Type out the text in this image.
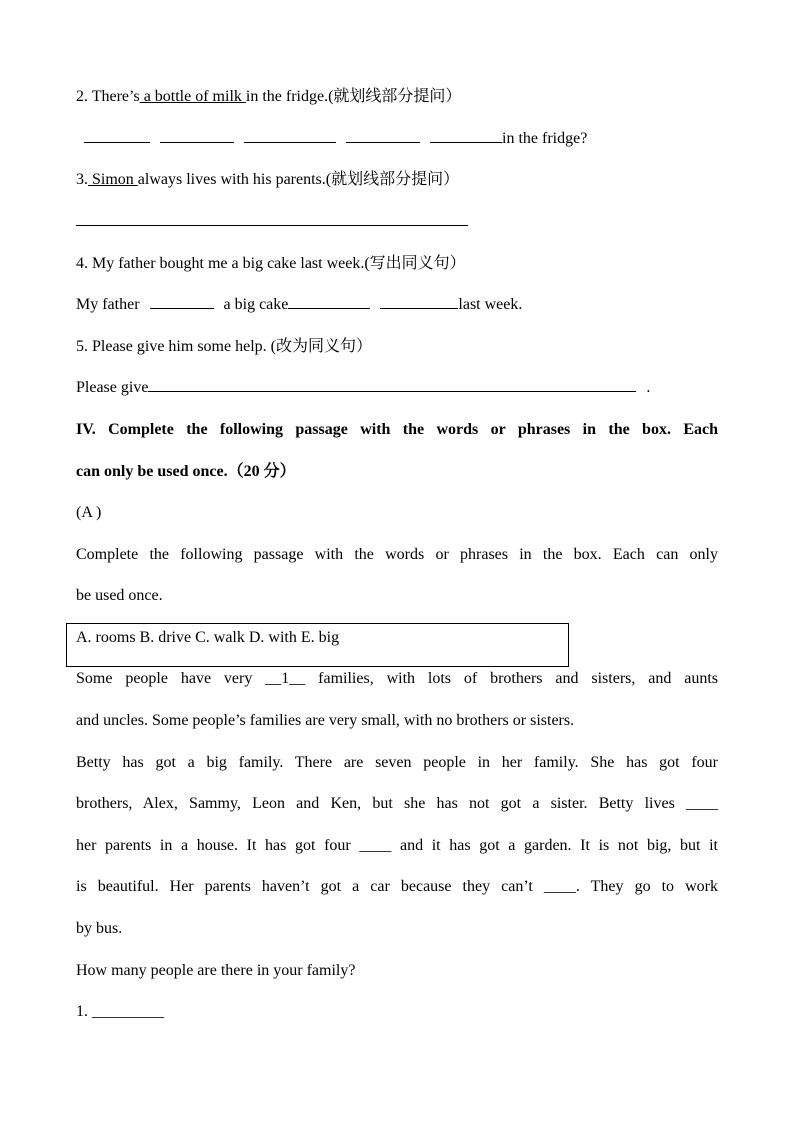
2. There’s a bottle of milk in the fridge.(就划线部分提问）
in the fridge?
3. Simon always lives with his parents.(就划线部分提问）
4. My father bought me a big cake last week.(写出同义句）
My father	a big cake	last week.
5. Please give him some help. (改为同义句）
Please give	.
IV. Complete the following passage with the words or phrases in the box. Each
can only be used once.（20 分）
(A )
Complete the following passage with the words or phrases in the box. Each can only
be used once.
A. rooms B. drive C. walk D. with E. big
Some people have very __1__ families, with lots of brothers and sisters, and aunts
and uncles. Some people’s families are very small, with no brothers or sisters.
Betty has got a big family. There are seven people in her family. She has got four
brothers, Alex, Sammy, Leon and Ken, but she has not got a sister. Betty lives ____
her parents in a house. It has got four ____ and it has got a garden. It is not big, but it
is beautiful. Her parents haven’t got a car because they can’t ____. They go to work
by bus.
How many people are there in your family?
1. _________
